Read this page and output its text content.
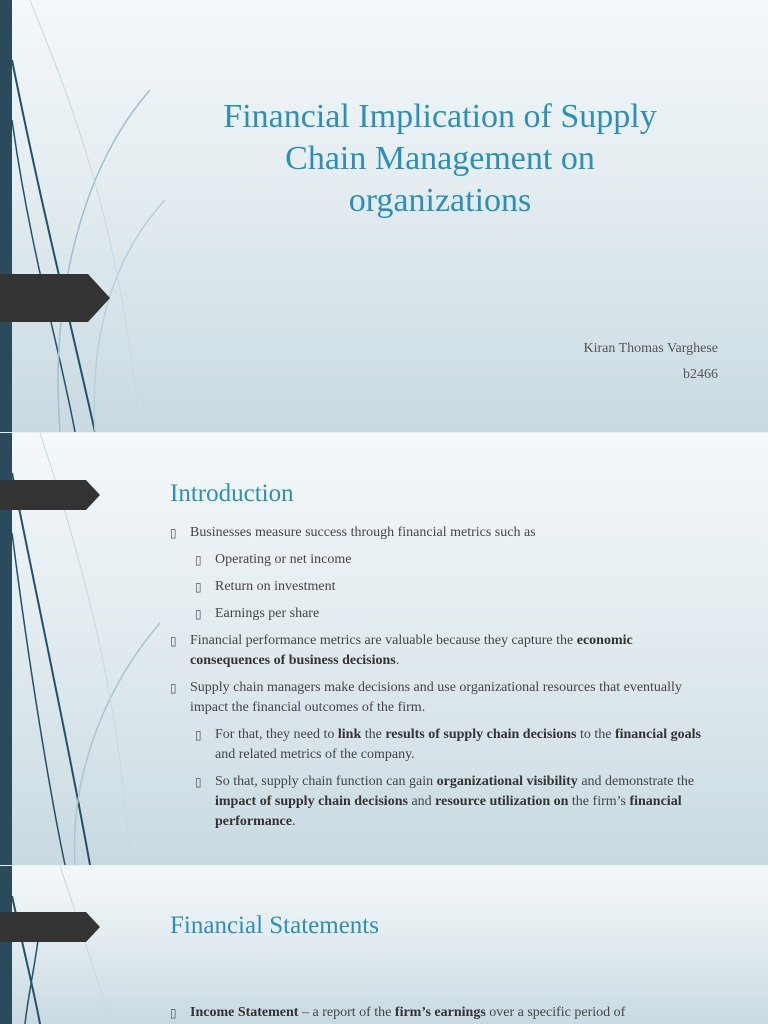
Financial Implication of Supply Chain Management on organizations
Kiran Thomas Varghese
b2466
Introduction
▯ Businesses measure success through financial metrics such as
▯ Operating or net income
▯ Return on investment
▯ Earnings per share
▯ Financial performance metrics are valuable because they capture the economic consequences of business decisions.
▯ Supply chain managers make decisions and use organizational resources that eventually impact the financial outcomes of the firm.
▯ For that, they need to link the results of supply chain decisions to the financial goals and related metrics of the company.
▯ So that, supply chain function can gain organizational visibility and demonstrate the impact of supply chain decisions and resource utilization on the firm’s financial performance.
Financial Statements
▯ Income Statement – a report of the firm’s earnings over a specific period of
